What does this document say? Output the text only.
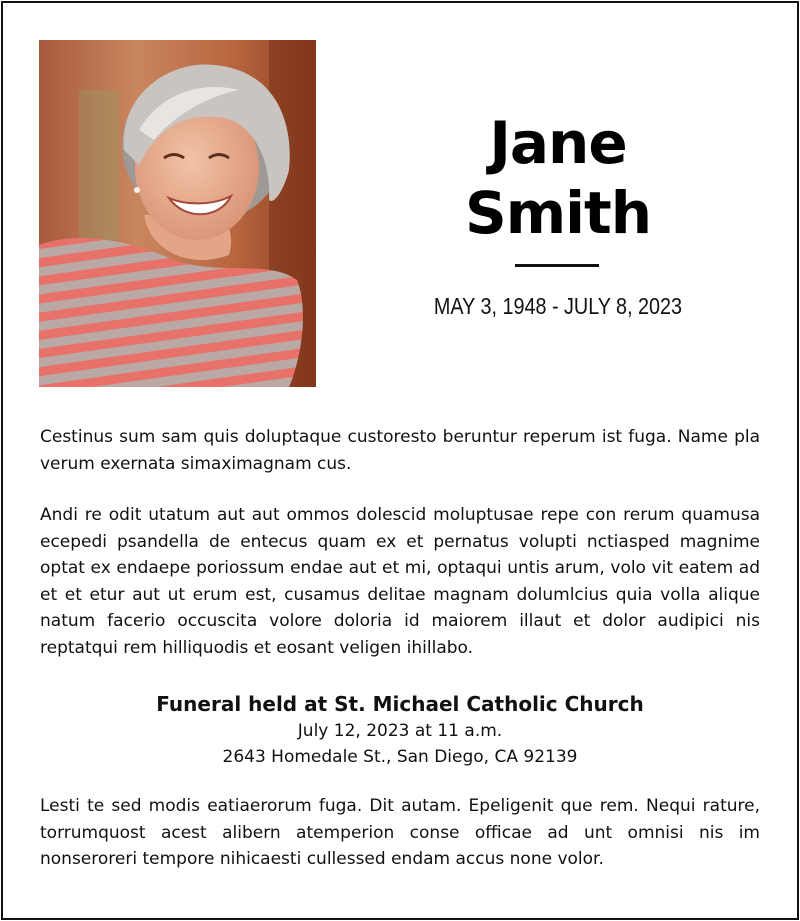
Jane
Smith
MAY 3, 1948 - JULY 8, 2023

Cestinus sum sam quis doluptaque custoresto beruntur reperum ist fuga. Name pla verum exernata simaximagnam cus.

Andi re odit utatum aut aut ommos dolescid moluptusae repe con rerum quamusa ecepedi psandella de entecus quam ex et pernatus volupti nctiasped magnime optat ex endaepe poriossum endae aut et mi, optaqui untis arum, volo vit eatem ad et et etur aut ut erum est, cusamus delitae magnam dolumlcius quia volla alique natum facerio occuscita volore doloria id maiorem illaut et dolor audipici nis reptatqui rem hilliquodis et eosant veligen ihillabo.

Funeral held at St. Michael Catholic Church
July 12, 2023 at 11 a.m.
2643 Homedale St., San Diego, CA 92139

Lesti te sed modis eatiaerorum fuga. Dit autam. Epeligenit que rem. Nequi rature, torrumquost acest alibern atemperion conse officae ad unt omnisi nis im nonseroreri tempore nihicaesti cullessed endam accus none volor.
